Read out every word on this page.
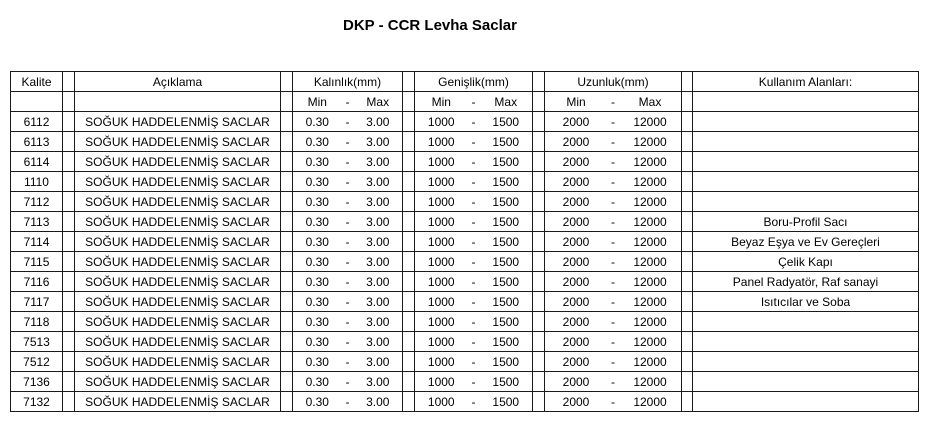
DKP - CCR Levha Saclar
Kalite		Açıklama		Kalınlık(mm)		Genişlik(mm)		Uzunluk(mm)		Kullanım Alanları:

				Min - Max		Min - Max		Min - Max		

6112		SOĞUK HADDELENMİŞ SACLAR		0.30 - 3.00		1000 - 1500		2000 - 12000		

6113		SOĞUK HADDELENMİŞ SACLAR		0.30 - 3.00		1000 - 1500		2000 - 12000		

6114		SOĞUK HADDELENMİŞ SACLAR		0.30 - 3.00		1000 - 1500		2000 - 12000		

1110		SOĞUK HADDELENMİŞ SACLAR		0.30 - 3.00		1000 - 1500		2000 - 12000		

7112		SOĞUK HADDELENMİŞ SACLAR		0.30 - 3.00		1000 - 1500		2000 - 12000		

7113		SOĞUK HADDELENMİŞ SACLAR		0.30 - 3.00		1000 - 1500		2000 - 12000		Boru-Profil Sacı
7114		SOĞUK HADDELENMİŞ SACLAR		0.30 - 3.00		1000 - 1500		2000 - 12000		Beyaz Eşya ve Ev Gereçleri
7115		SOĞUK HADDELENMİŞ SACLAR		0.30 - 3.00		1000 - 1500		2000 - 12000		Çelik Kapı
7116		SOĞUK HADDELENMİŞ SACLAR		0.30 - 3.00		1000 - 1500		2000 - 12000		Panel Radyatör, Raf sanayi
7117		SOĞUK HADDELENMİŞ SACLAR		0.30 - 3.00		1000 - 1500		2000 - 12000		Isıtıcılar ve Soba
7118		SOĞUK HADDELENMİŞ SACLAR		0.30 - 3.00		1000 - 1500		2000 - 12000		

7513		SOĞUK HADDELENMİŞ SACLAR		0.30 - 3.00		1000 - 1500		2000 - 12000		

7512		SOĞUK HADDELENMİŞ SACLAR		0.30 - 3.00		1000 - 1500		2000 - 12000		

7136		SOĞUK HADDELENMİŞ SACLAR		0.30 - 3.00		1000 - 1500		2000 - 12000		

7132		SOĞUK HADDELENMİŞ SACLAR		0.30 - 3.00		1000 - 1500		2000 - 12000		
